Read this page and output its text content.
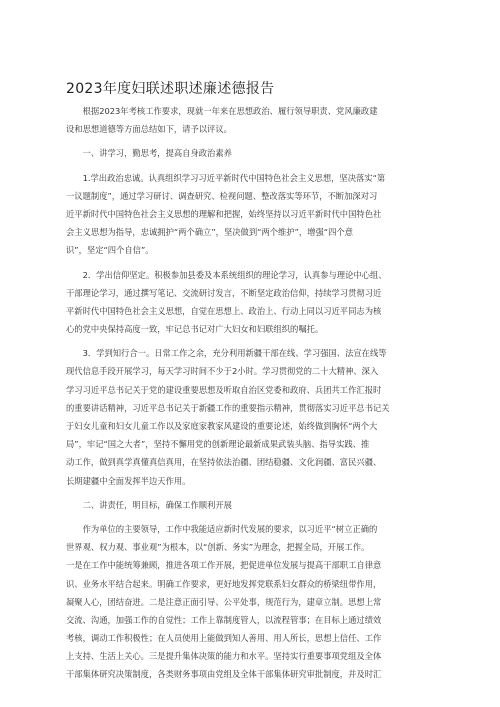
2023年度妇联述职述廉述德报告
　　根据2023年考核工作要求，现就一年来在思想政治、履行领导职责、党风廉政建
设和思想道德等方面总结如下，请予以评议。
　　一、讲学习，勤思考，提高自身政治素养
　　1.学出政治忠诚。认真组织学习习近平新时代中国特色社会主义思想，坚决落实“第
一议题制度”，通过学习研讨、调查研究、检视问题、整改落实等环节，不断加深对习
近平新时代中国特色社会主义思想的理解和把握，始终坚持以习近平新时代中国特色社
会主义思想为指导，忠诚拥护“两个确立”，坚决做到“两个维护”，增强“四个意
识”，坚定“四个自信”。
　　2．学出信仰坚定。积极参加县委及本系统组织的理论学习，认真参与理论中心组、
干部理论学习，通过撰写笔记、交流研讨发言，不断坚定政治信仰，持续学习贯彻习近
平新时代中国特色社会主义思想，自觉在思想上、政治上、行动上同以习近平同志为核
心的党中央保持高度一致，牢记总书记对广大妇女和妇联组织的嘱托。
　　3．学到知行合一。日常工作之余，充分利用新疆干部在线、学习强国、法宣在线等
现代信息手段开展学习，每天学习时间不少于2小时。学习贯彻党的二十大精神、深入
学习习近平总书记关于党的建设重要思想及听取自治区党委和政府、兵团共工作汇报时
的重要讲话精神，习近平总书记关于新疆工作的重要指示精神，贯彻落实习近平总书记关
于妇女儿童和妇女儿童工作以及家庭家教家风建设的重要论述，始终做到胸怀“两个大
局”，牢记“国之大者”，坚持不懈用党的创新理论最新成果武装头脑、指导实践、推
动工作，做到真学真懂真信真用，在坚持依法治疆、团结稳疆、文化润疆、富民兴疆、
长期建疆中全面发挥半边天作用。
　　二、讲责任，明目标，确保工作顺利开展
　　作为单位的主要领导，工作中我能适应新时代发展的要求，以习近平“树立正确的
世界观、权力观、事业观”为根本，以“创新、务实”为理念，把握全局，开展工作。
一是在工作中能统筹兼顾，推进各项工作开展，把促进单位发展与提高干部职工自律意
识、业务水平结合起来。明确工作要求，更好地发挥党联系妇女群众的桥梁纽带作用，
凝聚人心，团结奋进。二是注意正面引导、公平处事，规范行为，建章立制。思想上常
交流、沟通，加强工作的自觉性；工作上靠制度管人，以流程管事；在目标上通过绩效
考核，调动工作积极性；在人员使用上能做到知人善用、用人所长，思想上信任、工作
上支持、生活上关心。三是提升集体决策的能力和水平。坚持实行重要事项党组及全体
干部集体研究决策制度，各类财务事项由党组及全体干部集体研究审批制度，并及时汇
